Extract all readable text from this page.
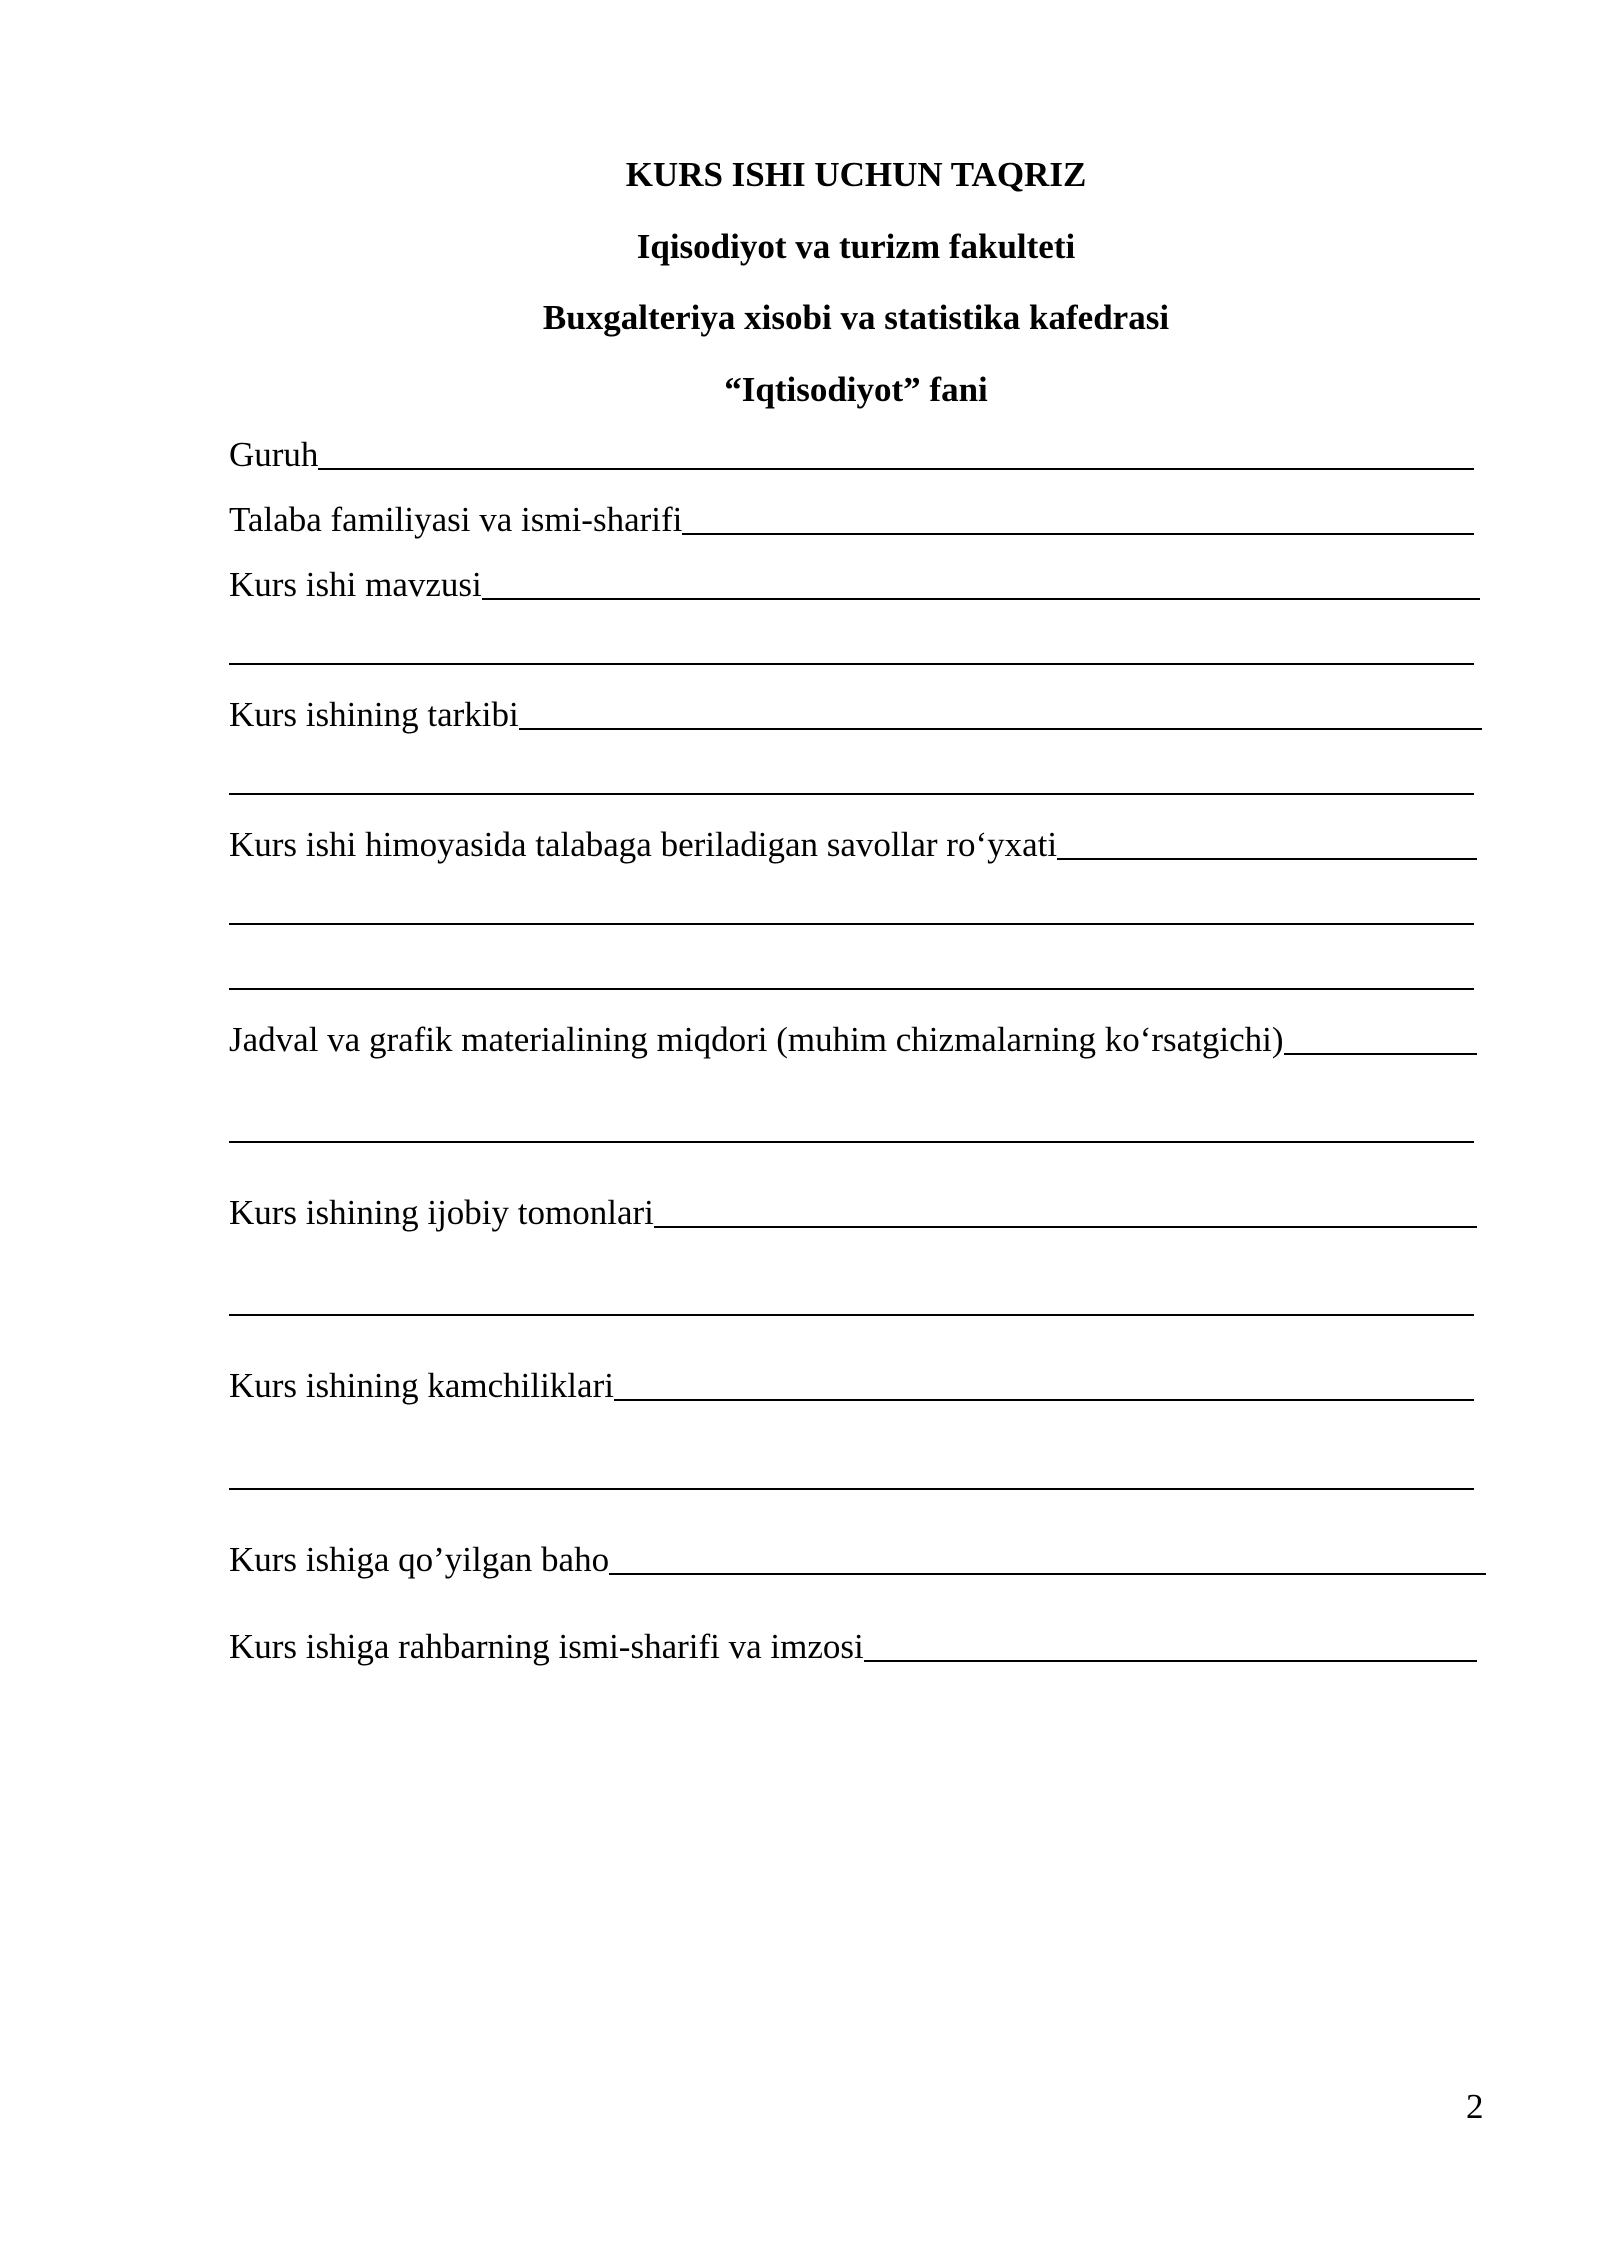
KURS ISHI UCHUN TAQRIZ
Iqisodiyot va turizm fakulteti
Buxgalteriya xisobi va statistika kafedrasi
“Iqtisodiyot” fani
Guruh
Talaba familiyasi va ismi-sharifi
Kurs ishi mavzusi
Kurs ishining tarkibi
Kurs ishi himoyasida talabaga beriladigan savollar ro‘yxati
Jadval va grafik materialining miqdori (muhim chizmalarning ko‘rsatgichi)
Kurs ishining ijobiy tomonlari
Kurs ishining kamchiliklari
Kurs ishiga qo’yilgan baho
Kurs ishiga rahbarning ismi-sharifi va imzosi
2
